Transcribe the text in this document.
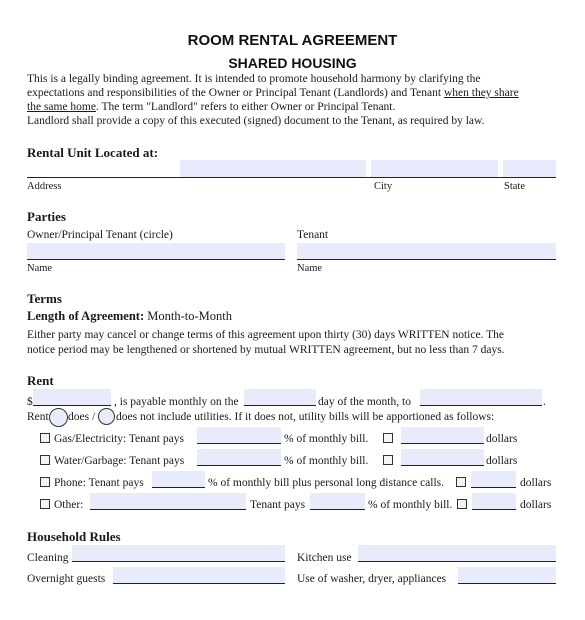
ROOM RENTAL AGREEMENT
SHARED HOUSING
This is a legally binding agreement. It is intended to promote household harmony by clarifying the
expectations and responsibilities of the Owner or Principal Tenant (Landlords) and Tenant when they share
the same home. The term "Landlord" refers to either Owner or Principal Tenant.
Landlord shall provide a copy of this executed (signed) document to the Tenant, as required by law.
Rental Unit Located at:
Address	City	State
Parties
Owner/Principal Tenant (circle)	Tenant
Name	Name
Terms
Length of Agreement: Month-to-Month
Either party may cancel or change terms of this agreement upon thirty (30) days WRITTEN notice. The
notice period may be lengthened or shortened by mutual WRITTEN agreement, but no less than 7 days.
Rent
$	, is payable monthly on the	day of the month, to	.
Rent does / does not include utilities. If it does not, utility bills will be apportioned as follows:
Gas/Electricity: Tenant pays	% of monthly bill.	dollars
Water/Garbage: Tenant pays	% of monthly bill.	dollars
Phone: Tenant pays	% of monthly bill plus personal long distance calls.	dollars
Other:	Tenant pays	% of monthly bill.	dollars
Household Rules
Cleaning	Kitchen use
Overnight guests	Use of washer, dryer, appliances
